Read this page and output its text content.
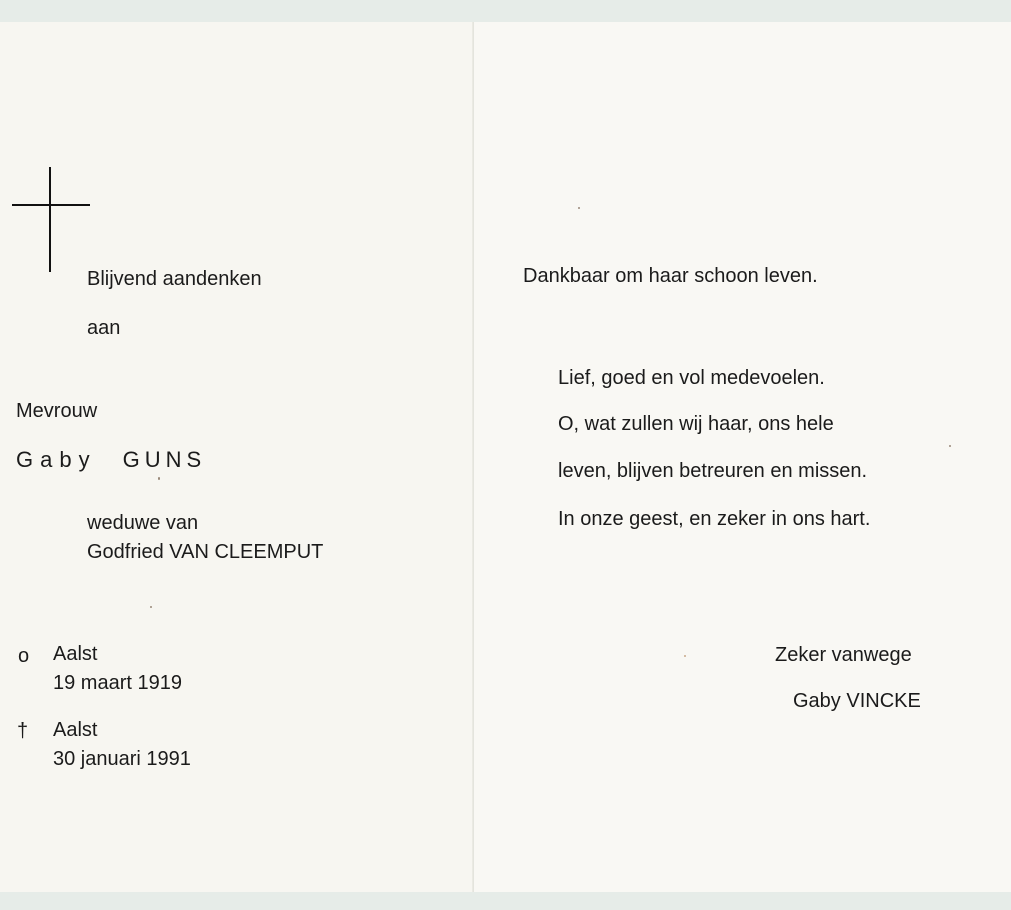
Blijvend aandenken
aan
Mevrouw
Gaby GUNS
weduwe van
Godfried VAN CLEEMPUT
o Aalst
19 maart 1919
† Aalst
30 januari 1991
Dankbaar om haar schoon leven.
Lief, goed en vol medevoelen.
O, wat zullen wij haar, ons hele
leven, blijven betreuren en missen.
In onze geest, en zeker in ons hart.
Zeker vanwege
Gaby VINCKE
